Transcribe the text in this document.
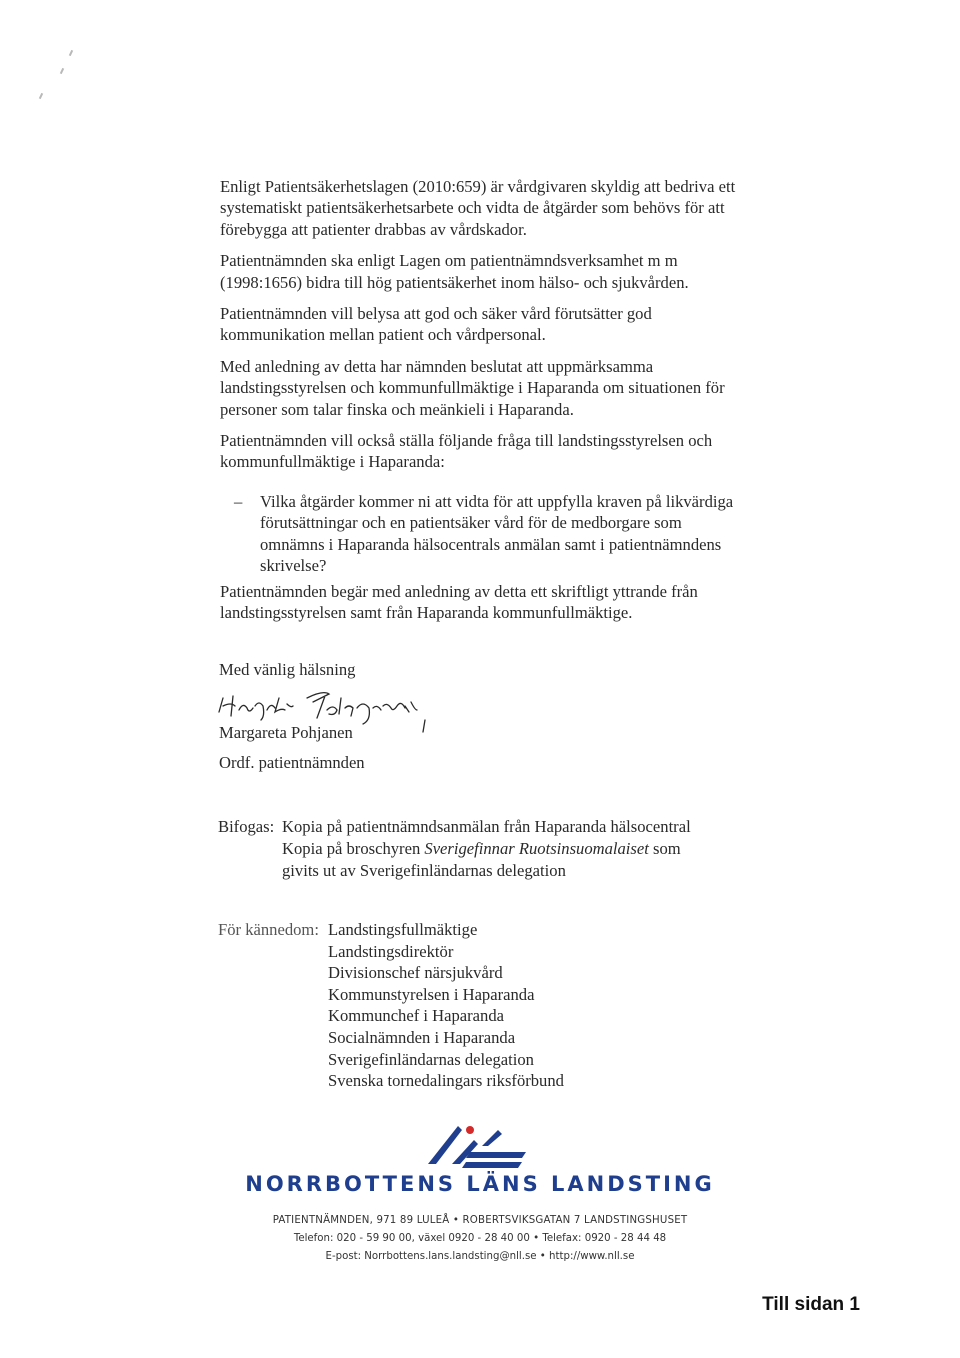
Enligt Patientsäkerhetslagen (2010:659) är vårdgivaren skyldig att bedriva ett systematiskt patientsäkerhetsarbete och vidta de åtgärder som behövs för att förebygga att patienter drabbas av vårdskador.

Patientnämnden ska enligt Lagen om patientnämndsverksamhet m m (1998:1656) bidra till hög patientsäkerhet inom hälso- och sjukvården.

Patientnämnden vill belysa att god och säker vård förutsätter god kommunikation mellan patient och vårdpersonal.

Med anledning av detta har nämnden beslutat att uppmärksamma landstingsstyrelsen och kommunfullmäktige i Haparanda om situationen för personer som talar finska och meänkieli i Haparanda.

Patientnämnden vill också ställa följande fråga till landstingsstyrelsen och kommunfullmäktige i Haparanda:

– Vilka åtgärder kommer ni att vidta för att uppfylla kraven på likvärdiga förutsättningar och en patientsäker vård för de medborgare som omnämns i Haparanda hälsocentrals anmälan samt i patientnämndens skrivelse?

Patientnämnden begär med anledning av detta ett skriftligt yttrande från landstingsstyrelsen samt från Haparanda kommunfullmäktige.

Med vänlig hälsning

Margareta Pohjanen
Ordf. patientnämnden
Bifogas: Kopia på patientnämndsanmälan från Haparanda hälsocentral
Kopia på broschyren Sverigefinnar Ruotsinsuomalaiset som
givits ut av Sverigefinländarnas delegation
För kännedom: Landstingsfullmäktige
Landstingsdirektör
Divisionschef närsjukvård
Kommunstyrelsen i Haparanda
Kommunchef i Haparanda
Socialnämnden i Haparanda
Sverigefinländarnas delegation
Svenska tornedalingars riksförbund
NORRBOTTENS LÄNS LANDSTING
PATIENTNÄMNDEN, 971 89 LULEÅ • ROBERTSVIKSGATAN 7 LANDSTINGSHUSET
Telefon: 020 - 59 90 00, växel 0920 - 28 40 00 • Telefax: 0920 - 28 44 48
E-post: Norrbottens.lans.landsting@nll.se • http://www.nll.se
Till sidan 1
